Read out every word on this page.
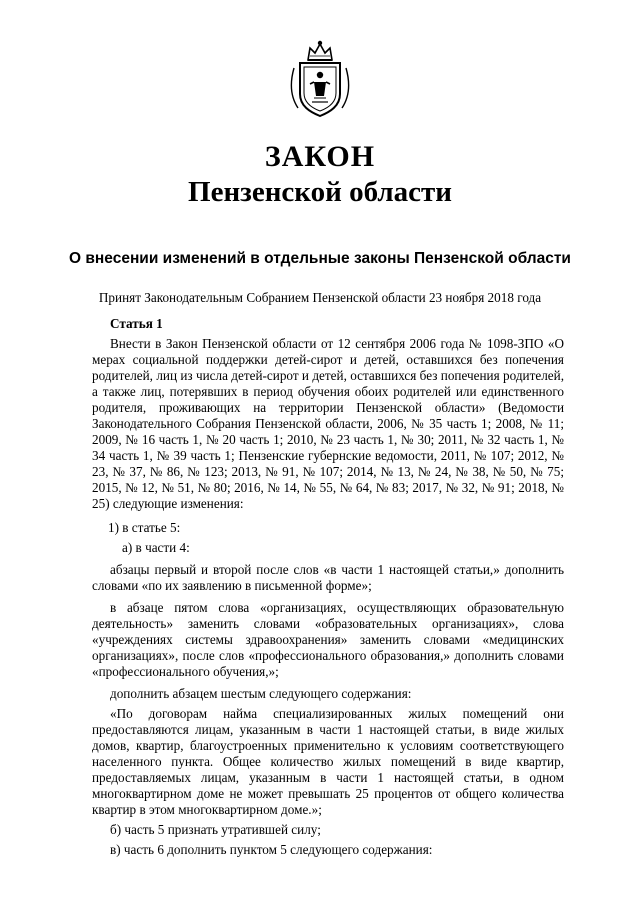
ЗАКОН
Пензенской области
О внесении изменений в отдельные законы Пензенской области
Принят Законодательным Собранием Пензенской области 23 ноября 2018 года
Статья 1

Внести в Закон Пензенской области от 12 сентября 2006 года № 1098-ЗПО «О мерах социальной поддержки детей-сирот и детей, оставшихся без попечения родителей, лиц из числа детей-сирот и детей, оставшихся без попечения родителей, а также лиц, потерявших в период обучения обоих родителей или единственного родителя, проживающих на территории Пензенской области» (Ведомости Законодательного Собрания Пензенской области, 2006, № 35 часть 1; 2008, № 11; 2009, № 16 часть 1, № 20 часть 1; 2010, № 23 часть 1, № 30; 2011, № 32 часть 1, № 34 часть 1, № 39 часть 1; Пензенские губернские ведомости, 2011, № 107; 2012, № 23, № 37, № 86, № 123; 2013, № 91, № 107; 2014, № 13, № 24, № 38, № 50, № 75; 2015, № 12, № 51, № 80; 2016, № 14, № 55, № 64, № 83; 2017, № 32, № 91; 2018, № 25) следующие изменения:

1) в статье 5:

а) в части 4:

абзацы первый и второй после слов «в части 1 настоящей статьи,» дополнить словами «по их заявлению в письменной форме»;

в абзаце пятом слова «организациях, осуществляющих образовательную деятельность» заменить словами «образовательных организациях», слова «учреждениях системы здравоохранения» заменить словами «медицинских организациях», после слов «профессионального образования,» дополнить словами «профессионального обучения,»;

дополнить абзацем шестым следующего содержания:

«По договорам найма специализированных жилых помещений они предоставляются лицам, указанным в части 1 настоящей статьи, в виде жилых домов, квартир, благоустроенных применительно к условиям соответствующего населенного пункта. Общее количество жилых помещений в виде квартир, предоставляемых лицам, указанным в части 1 настоящей статьи, в одном многоквартирном доме не может превышать 25 процентов от общего количества квартир в этом многоквартирном доме.»;

б) часть 5 признать утратившей силу;

в) часть 6 дополнить пунктом 5 следующего содержания:
